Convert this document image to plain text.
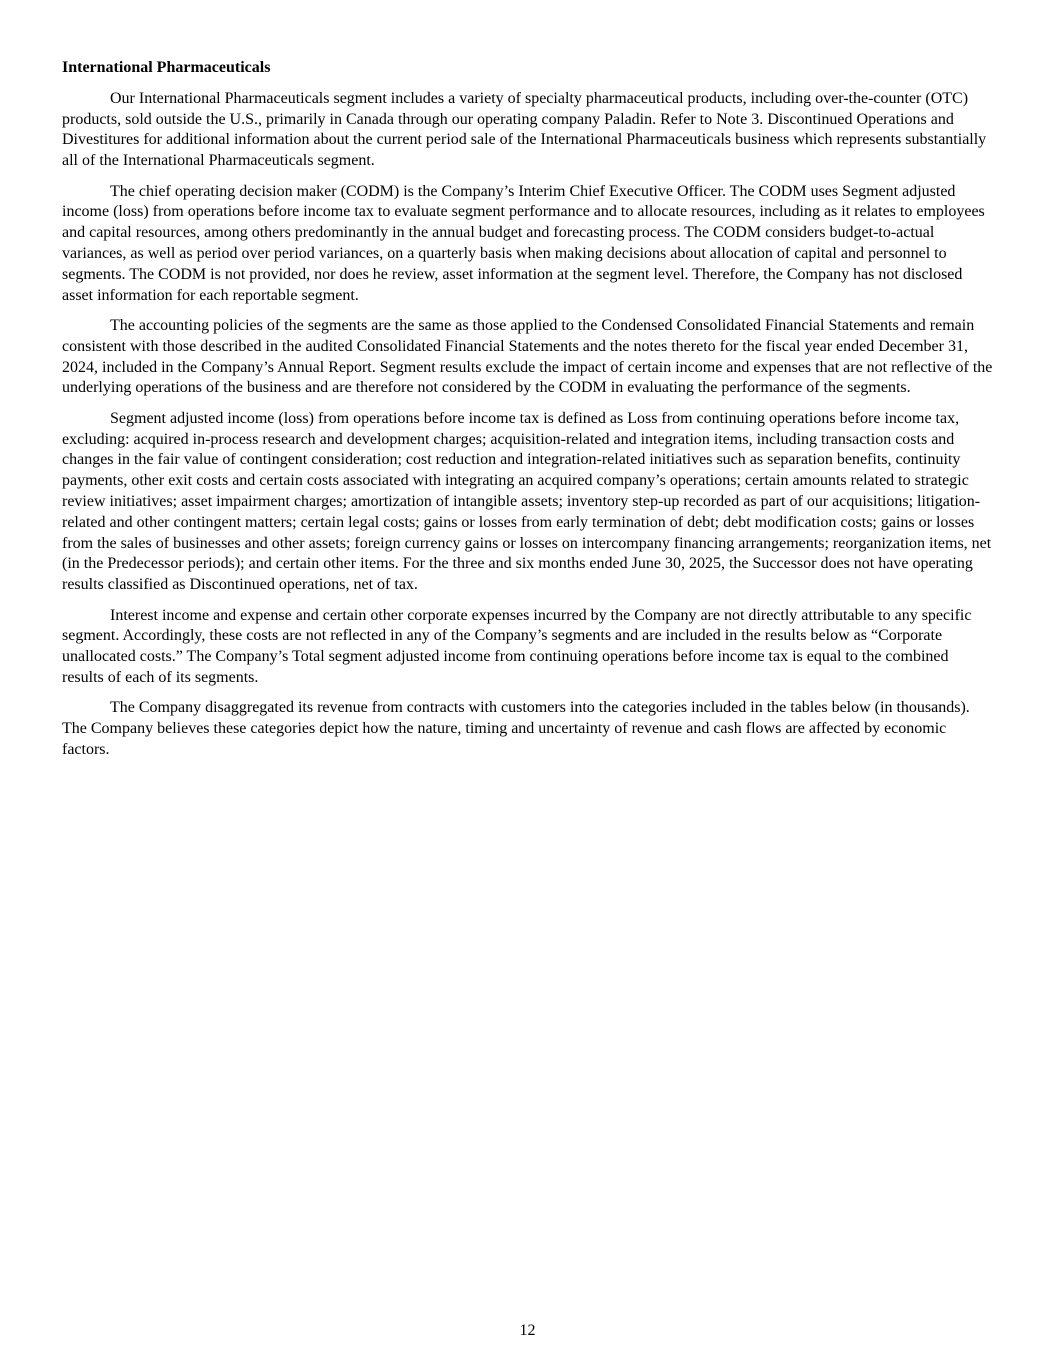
International Pharmaceuticals

Our International Pharmaceuticals segment includes a variety of specialty pharmaceutical products, including over-the-counter (OTC) products, sold outside the U.S., primarily in Canada through our operating company Paladin. Refer to Note 3. Discontinued Operations and Divestitures for additional information about the current period sale of the International Pharmaceuticals business which represents substantially all of the International Pharmaceuticals segment.

The chief operating decision maker (CODM) is the Company’s Interim Chief Executive Officer. The CODM uses Segment adjusted income (loss) from operations before income tax to evaluate segment performance and to allocate resources, including as it relates to employees and capital resources, among others predominantly in the annual budget and forecasting process. The CODM considers budget-to-actual variances, as well as period over period variances, on a quarterly basis when making decisions about allocation of capital and personnel to segments. The CODM is not provided, nor does he review, asset information at the segment level. Therefore, the Company has not disclosed asset information for each reportable segment.

The accounting policies of the segments are the same as those applied to the Condensed Consolidated Financial Statements and remain consistent with those described in the audited Consolidated Financial Statements and the notes thereto for the fiscal year ended December 31, 2024, included in the Company’s Annual Report. Segment results exclude the impact of certain income and expenses that are not reflective of the underlying operations of the business and are therefore not considered by the CODM in evaluating the performance of the segments.

Segment adjusted income (loss) from operations before income tax is defined as Loss from continuing operations before income tax, excluding: acquired in-process research and development charges; acquisition-related and integration items, including transaction costs and changes in the fair value of contingent consideration; cost reduction and integration-related initiatives such as separation benefits, continuity payments, other exit costs and certain costs associated with integrating an acquired company’s operations; certain amounts related to strategic review initiatives; asset impairment charges; amortization of intangible assets; inventory step-up recorded as part of our acquisitions; litigation-related and other contingent matters; certain legal costs; gains or losses from early termination of debt; debt modification costs; gains or losses from the sales of businesses and other assets; foreign currency gains or losses on intercompany financing arrangements; reorganization items, net (in the Predecessor periods); and certain other items. For the three and six months ended June 30, 2025, the Successor does not have operating results classified as Discontinued operations, net of tax.

Interest income and expense and certain other corporate expenses incurred by the Company are not directly attributable to any specific segment. Accordingly, these costs are not reflected in any of the Company’s segments and are included in the results below as “Corporate unallocated costs.” The Company’s Total segment adjusted income from continuing operations before income tax is equal to the combined results of each of its segments.

The Company disaggregated its revenue from contracts with customers into the categories included in the tables below (in thousands). The Company believes these categories depict how the nature, timing and uncertainty of revenue and cash flows are affected by economic factors.

12
